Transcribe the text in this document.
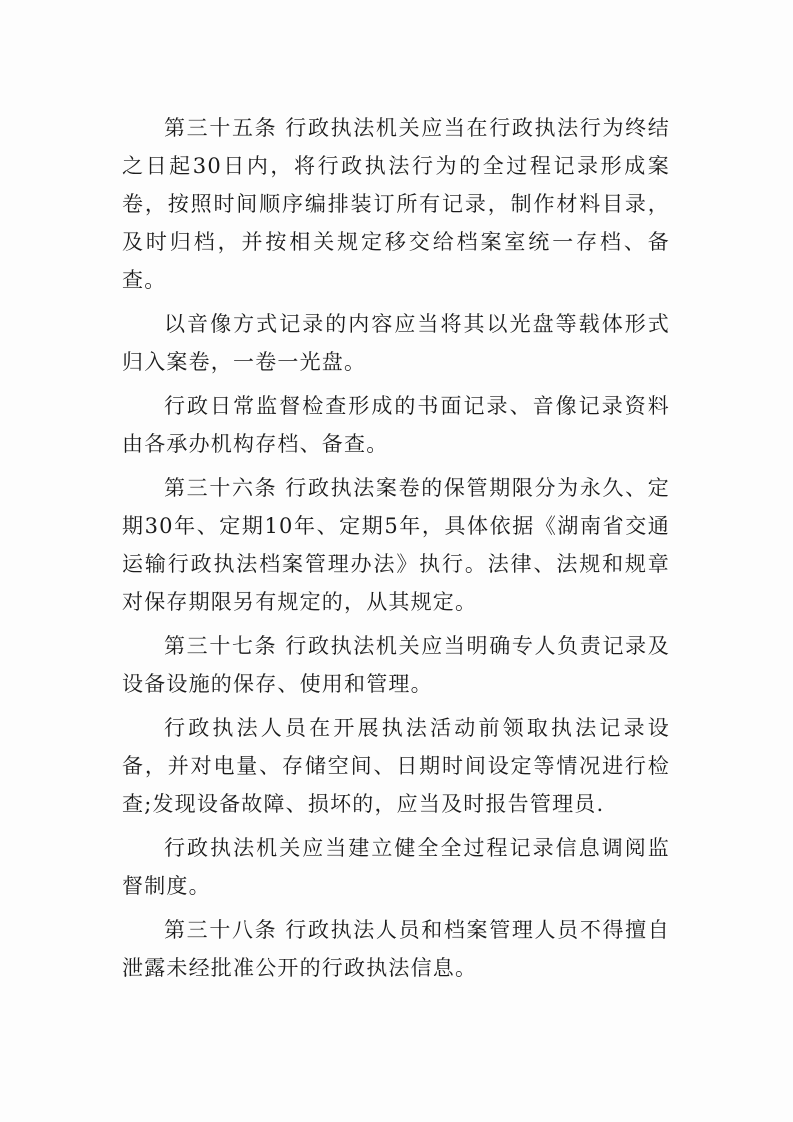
第三十五条 行政执法机关应当在行政执法行为终结之日起30日内，将行政执法行为的全过程记录形成案卷，按照时间顺序编排装订所有记录，制作材料目录，及时归档，并按相关规定移交给档案室统一存档、备查。

以音像方式记录的内容应当将其以光盘等载体形式归入案卷，一卷一光盘。

行政日常监督检查形成的书面记录、音像记录资料由各承办机构存档、备查。

第三十六条 行政执法案卷的保管期限分为永久、定期30年、定期10年、定期5年，具体依据《湖南省交通运输行政执法档案管理办法》执行。法律、法规和规章对保存期限另有规定的，从其规定。

第三十七条 行政执法机关应当明确专人负责记录及设备设施的保存、使用和管理。

行政执法人员在开展执法活动前领取执法记录设备，并对电量、存储空间、日期时间设定等情况进行检查;发现设备故障、损坏的，应当及时报告管理员.

行政执法机关应当建立健全全过程记录信息调阅监督制度。

第三十八条 行政执法人员和档案管理人员不得擅自泄露未经批准公开的行政执法信息。
